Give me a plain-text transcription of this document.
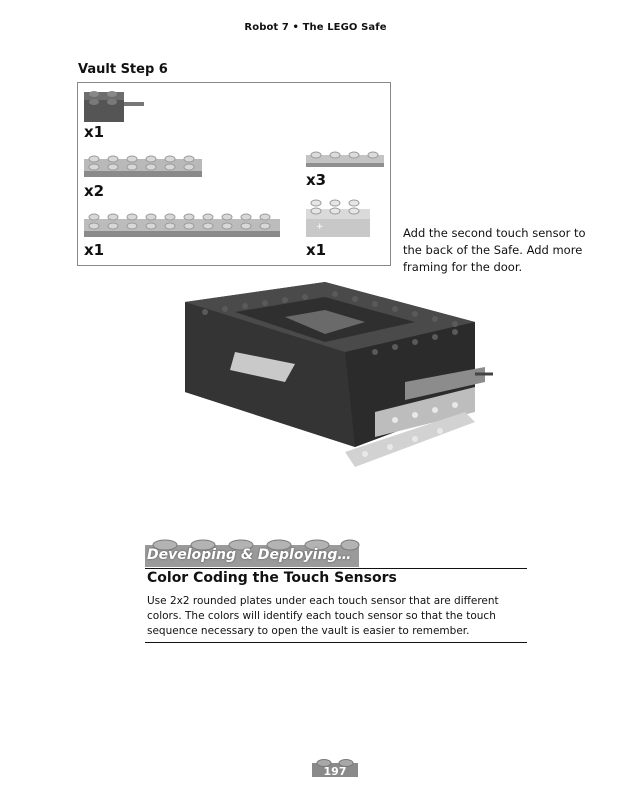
Robot 7 • The LEGO Safe
Vault Step 6
x1
x2
x3
x1
+
x1
Add the second touch sensor to the back of the Safe. Add more framing for the door.
Developing & Deploying…
Color Coding the Touch Sensors
Use 2x2 rounded plates under each touch sensor that are different colors. The colors will identify each touch sensor so that the touch sequence necessary to open the vault is easier to remember.
197
